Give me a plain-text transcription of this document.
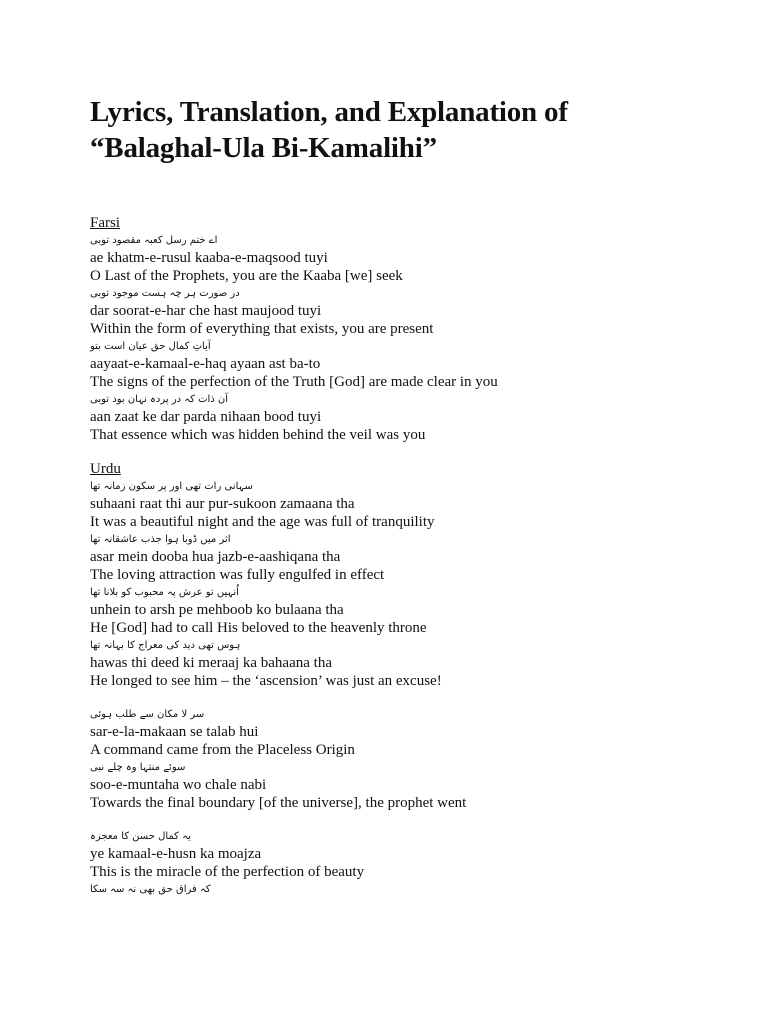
Lyrics, Translation, and Explanation of
“Balaghal-Ula Bi-Kamalihi”
Farsi
اے ختم رسل کعبہ مقصود توبی
ae khatm-e-rusul kaaba-e-maqsood tuyi
O Last of the Prophets, you are the Kaaba [we] seek
در صورت ہر چہ ہست موجود توبی
dar soorat-e-har che hast maujood tuyi
Within the form of everything that exists, you are present
آیاتِ کمال حق عیان است بتو
aayaat-e-kamaal-e-haq ayaan ast ba-to
The signs of the perfection of the Truth [God] are made clear in you
آن ذات کہ در پردہ نہان بود توبی
aan zaat ke dar parda nihaan bood tuyi
That essence which was hidden behind the veil was you
Urdu
سہانی رات تھی اور پر سکون زمانہ تھا
suhaani raat thi aur pur-sukoon zamaana tha
It was a beautiful night and the age was full of tranquility
اثر میں ڈوبا ہوا جذب عاشقانہ تھا
asar mein dooba hua jazb-e-aashiqana tha
The loving attraction was fully engulfed in effect
اُنہیں تو عرش پہ محبوب کو بلانا تھا
unhein to arsh pe mehboob ko bulaana tha
He [God] had to call His beloved to the heavenly throne
ہوس تھی دید کی معراج کا بہانہ تھا
hawas thi deed ki meraaj ka bahaana tha
He longed to see him – the ‘ascension’ was just an excuse!
سر لا مکان سے طلب ہوئی
sar-e-la-makaan se talab hui
A command came from the Placeless Origin
سوئے منتہا وہ چلے نبی
soo-e-muntaha wo chale nabi
Towards the final boundary [of the universe], the prophet went
یہ کمال حسن کا معجزہ
ye kamaal-e-husn ka moajza
This is the miracle of the perfection of beauty
کہ فراق حق بھی نہ سہ سکا
